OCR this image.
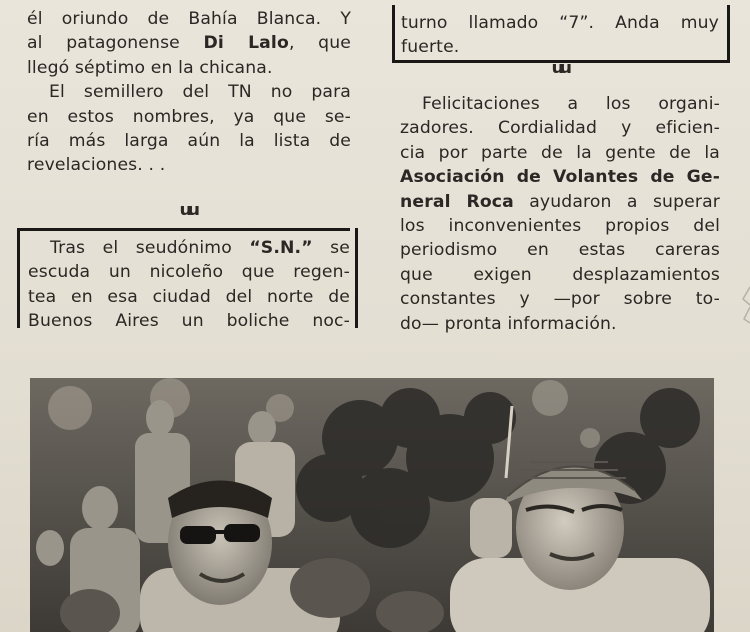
él oriundo de Bahía Blanca. Y
al patagonense Di Lalo, que
llegó séptimo en la chicana.

El semillero del TN no para
en estos nombres, ya que se-
ría más larga aún la lista de
revelaciones. . .

u
u
Tras el seudónimo “S.N.” se
escuda un nicoleño que regen-
tea en esa ciudad del norte de
Buenos Aires un boliche noc-
turno llamado “7”. Anda muy
fuerte.
u
u
Felicitaciones a los organi-
zadores. Cordialidad y eficien-
cia por parte de la gente de la
Asociación de Volantes de Ge-
neral Roca ayudaron a superar
los inconvenientes propios del
periodismo en estas careras
que exigen desplazamientos
constantes y —por sobre to-
do— pronta información.
